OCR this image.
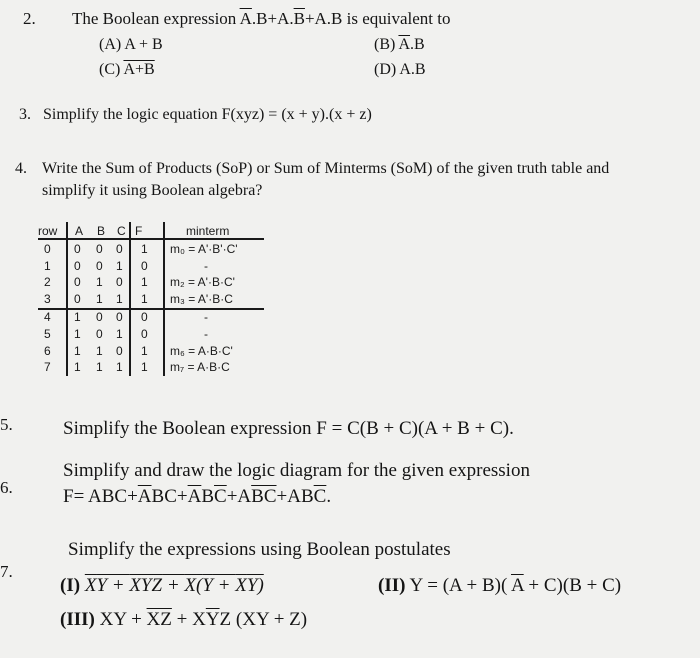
2. The Boolean expression $\overline{A}.B+A.\overline{B}+A.B$ is equivalent to
(A) A + B	(B) $\overline{A}.B$
(C) A+B	(D) A.B
3. Simplify the logic equation F(xyz) = (x + y).(x + z)
4. Write the Sum of Products (SoP) or Sum of Minterms (SoM) of the given truth table and
simplify it using Boolean algebra?
row A B C F	minterm
0 0 0 0 1 m₀ = A'·B'·C'
1 0 0 1 0	-
2 0 1 0 1 m₂ = A'·B·C'
3 0 1 1 1 m₃ = A'·B·C
4 1 0 0 0	-
5 1 0 1 0	-
6 1 1 0 1 m₆ = A·B·C'
7 1 1 1 1 m₇ = A·B·C
5.	Simplify the Boolean expression F = C(B + C)(A + B + C).
6.
Simplify and draw the logic diagram for the given expression
$F= ABC+\overline{A}BC+\overline{A}B\overline{C}+A\overline{BC}+AB\overline{C}$.
7.
Simplify the expressions using Boolean postulates
(I) XY + XYZ + X(Y + XY)	(II) Y = (A + B)( $\overline{A} + C)(B + C)$
(III) XY + $\overline{XZ} + X\overline{Y}Z$ (XY + Z)
